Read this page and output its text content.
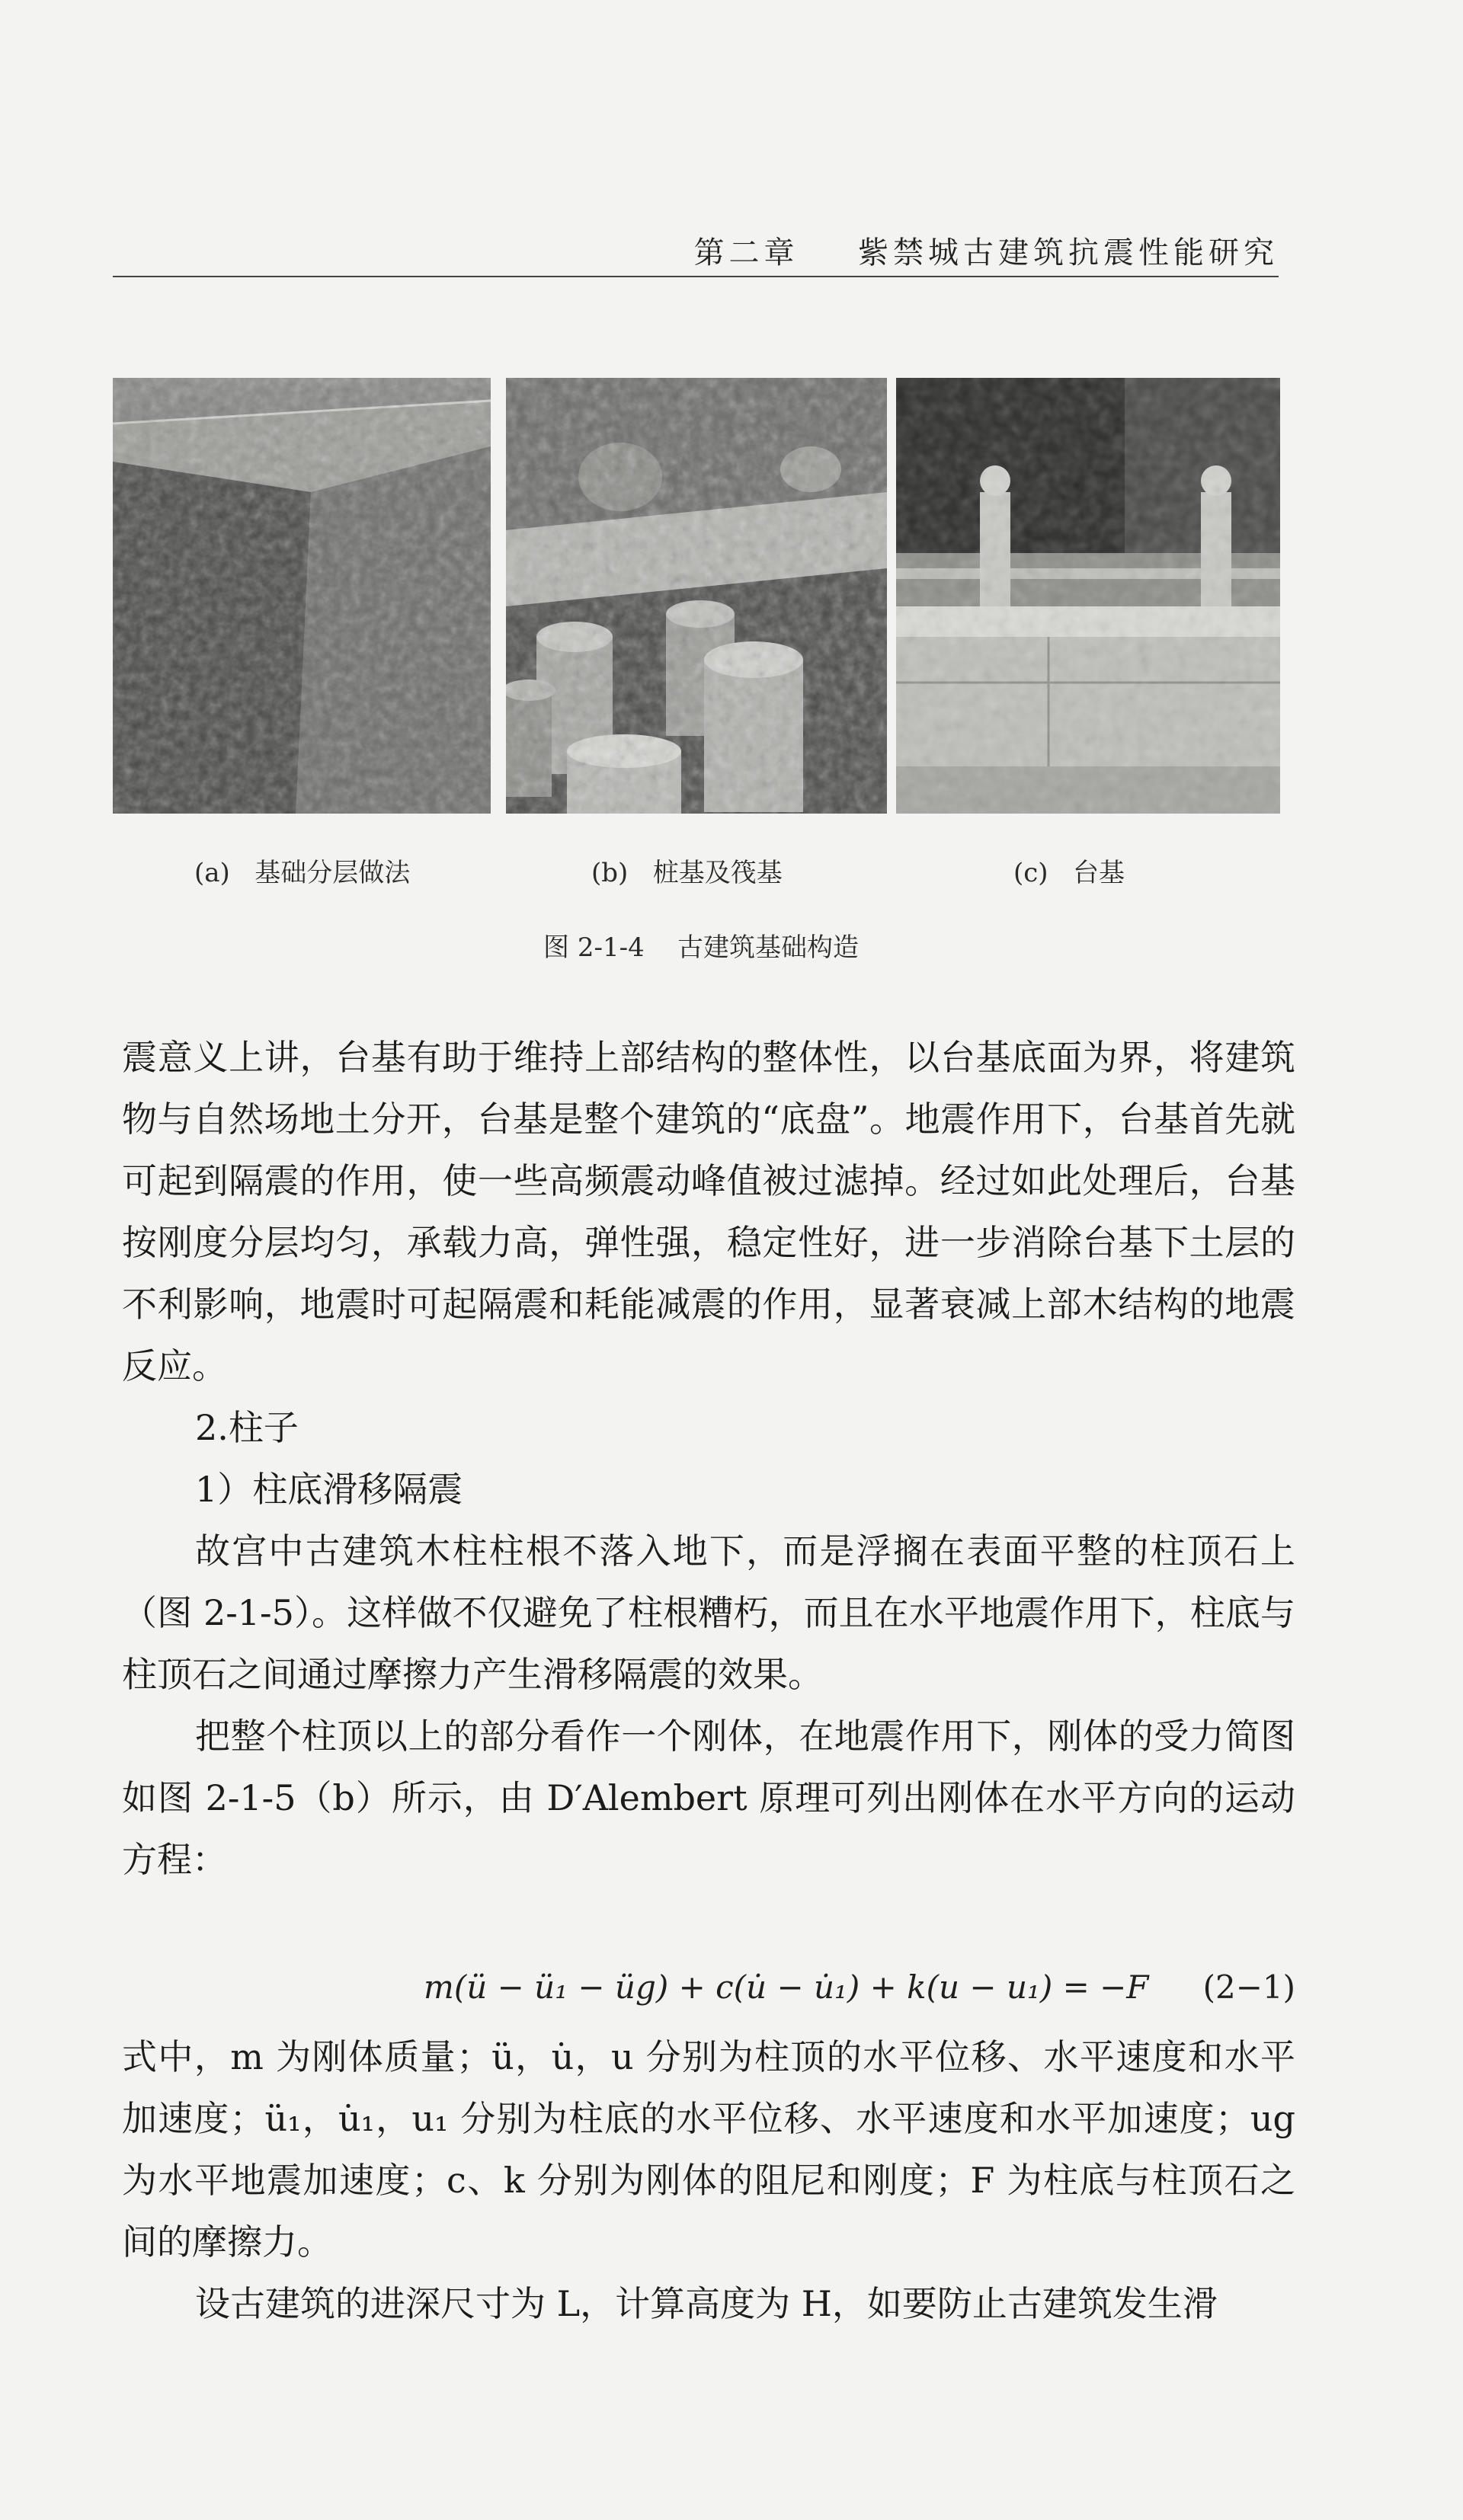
第二章 紫禁城古建筑抗震性能研究
(a) 基础分层做法	(b) 桩基及筏基	(c) 台基
图 2-1-4    古建筑基础构造

震意义上讲，台基有助于维持上部结构的整体性，以台基底面为界，将建筑物与自然场地土分开，台基是整个建筑的“底盘”。地震作用下，台基首先就可起到隔震的作用，使一些高频震动峰值被过滤掉。经过如此处理后，台基按刚度分层均匀，承载力高，弹性强，稳定性好，进一步消除台基下土层的不利影响，地震时可起隔震和耗能减震的作用，显著衰减上部木结构的地震反应。

2.柱子

1）柱底滑移隔震

故宫中古建筑木柱柱根不落入地下，而是浮搁在表面平整的柱顶石上（图 2-1-5）。这样做不仅避免了柱根糟朽，而且在水平地震作用下，柱底与柱顶石之间通过摩擦力产生滑移隔震的效果。

把整个柱顶以上的部分看作一个刚体，在地震作用下，刚体的受力简图如图 2-1-5（b）所示，由 D′Alembert 原理可列出刚体在水平方向的运动方程：

m(ü − ü₁ − üg) + c(u̇ − u̇₁) + k(u − u₁) = −F (2−1)

式中，m 为刚体质量；ü，u̇，u 分别为柱顶的水平位移、水平速度和水平加速度；ü₁，u̇₁，u₁ 分别为柱底的水平位移、水平速度和水平加速度；ug 为水平地震加速度；c、k 分别为刚体的阻尼和刚度；F 为柱底与柱顶石之间的摩擦力。

设古建筑的进深尺寸为 L，计算高度为 H，如要防止古建筑发生滑
